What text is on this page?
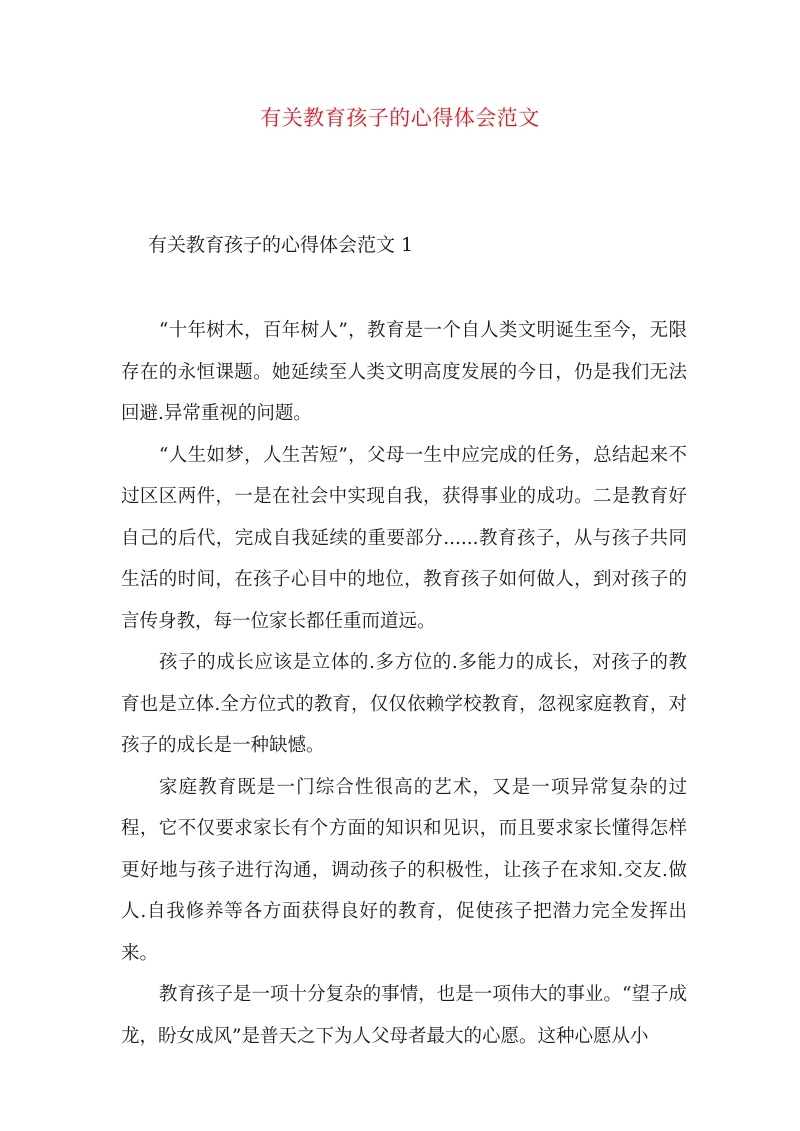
有关教育孩子的心得体会范文
有关教育孩子的心得体会范文 1

“十年树木，百年树人”，教育是一个自人类文明诞生至今，无限存在的永恒课题。她延续至人类文明高度发展的今日，仍是我们无法回避.异常重视的问题。

“人生如梦，人生苦短”，父母一生中应完成的任务，总结起来不过区区两件，一是在社会中实现自我，获得事业的成功。二是教育好自己的后代，完成自我延续的重要部分......教育孩子，从与孩子共同生活的时间，在孩子心目中的地位，教育孩子如何做人，到对孩子的言传身教，每一位家长都任重而道远。

孩子的成长应该是立体的.多方位的.多能力的成长，对孩子的教育也是立体.全方位式的教育，仅仅依赖学校教育，忽视家庭教育，对孩子的成长是一种缺憾。

家庭教育既是一门综合性很高的艺术，又是一项异常复杂的过程，它不仅要求家长有个方面的知识和见识，而且要求家长懂得怎样更好地与孩子进行沟通，调动孩子的积极性，让孩子在求知.交友.做人.自我修养等各方面获得良好的教育，促使孩子把潜力完全发挥出来。

教育孩子是一项十分复杂的事情，也是一项伟大的事业。“望子成龙，盼女成风”是普天之下为人父母者最大的心愿。这种心愿从小
